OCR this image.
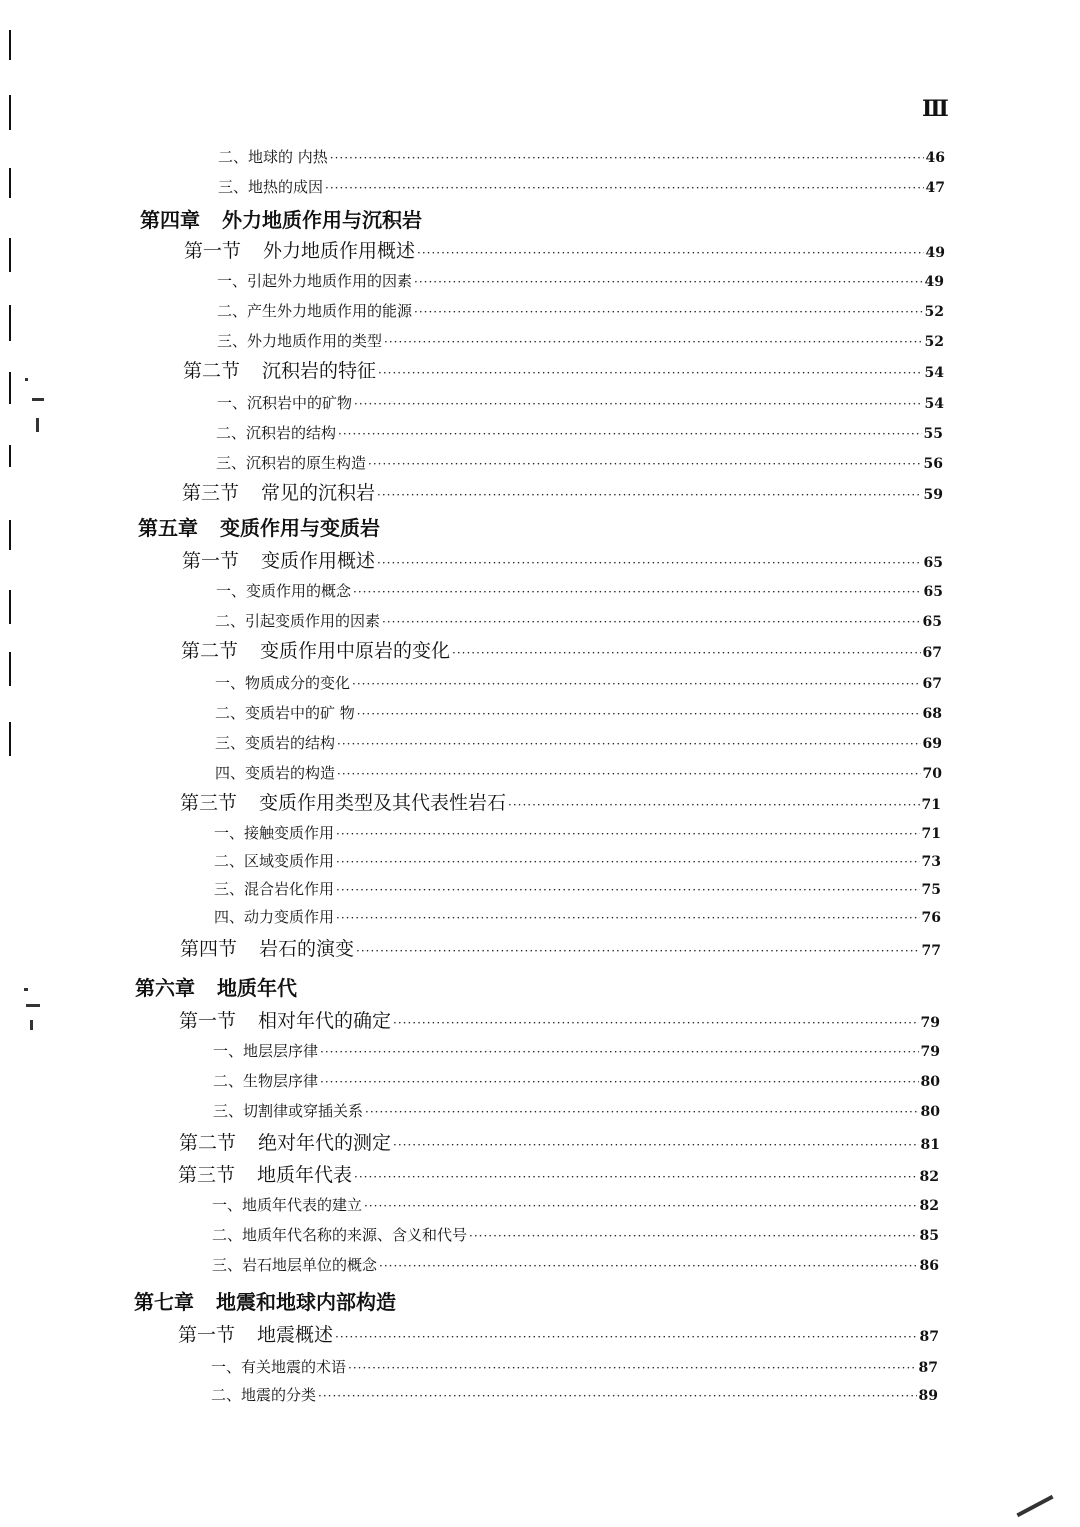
Ⅲ
二、地球的 内热 ·····	46
三、地热的成因 ·····	47
第四章 外力地质作用与沉积岩
第一节 外力地质作用概述 ·····	49
一、引起外力地质作用的因素 ·····	49
二、产生外力地质作用的能源 ·····	52
三、外力地质作用的类型 ·····	52
第二节 沉积岩的特征 ·····	54
一、沉积岩中的矿物 ·····	54
二、沉积岩的结构 ·····	55
三、沉积岩的原生构造 ·····	56
第三节 常见的沉积岩 ·····	59
第五章 变质作用与变质岩
第一节 变质作用概述 ·····	65
一、变质作用的概念 ·····	65
二、引起变质作用的因素 ·····	65
第二节 变质作用中原岩的变化 ·····	67
一、物质成分的变化 ·····	67
二、变质岩中的矿 物 ·····	68
三、变质岩的结构 ·····	69
四、变质岩的构造 ·····	70
第三节 变质作用类型及其代表性岩石 ·····	71
一、接触变质作用 ·····	71
二、区域变质作用 ·····	73
三、混合岩化作用 ·····	75
四、动力变质作用 ·····	76
第四节 岩石的演变 ·····	77
第六章 地质年代
第一节 相对年代的确定 ·····	79
一、地层层序律 ·····	79
二、生物层序律 ·····	80
三、切割律或穿插关系 ·····	80
第二节 绝对年代的测定 ·····	81
第三节 地质年代表 ·····	82
一、地质年代表的建立 ·····	82
二、地质年代名称的来源、含义和代号 ·····	85
三、岩石地层单位的概念 ·····	86
第七章 地震和地球内部构造
第一节 地震概述 ·····	87
一、有关地震的术语 ·····	87
二、地震的分类 ·····	89
